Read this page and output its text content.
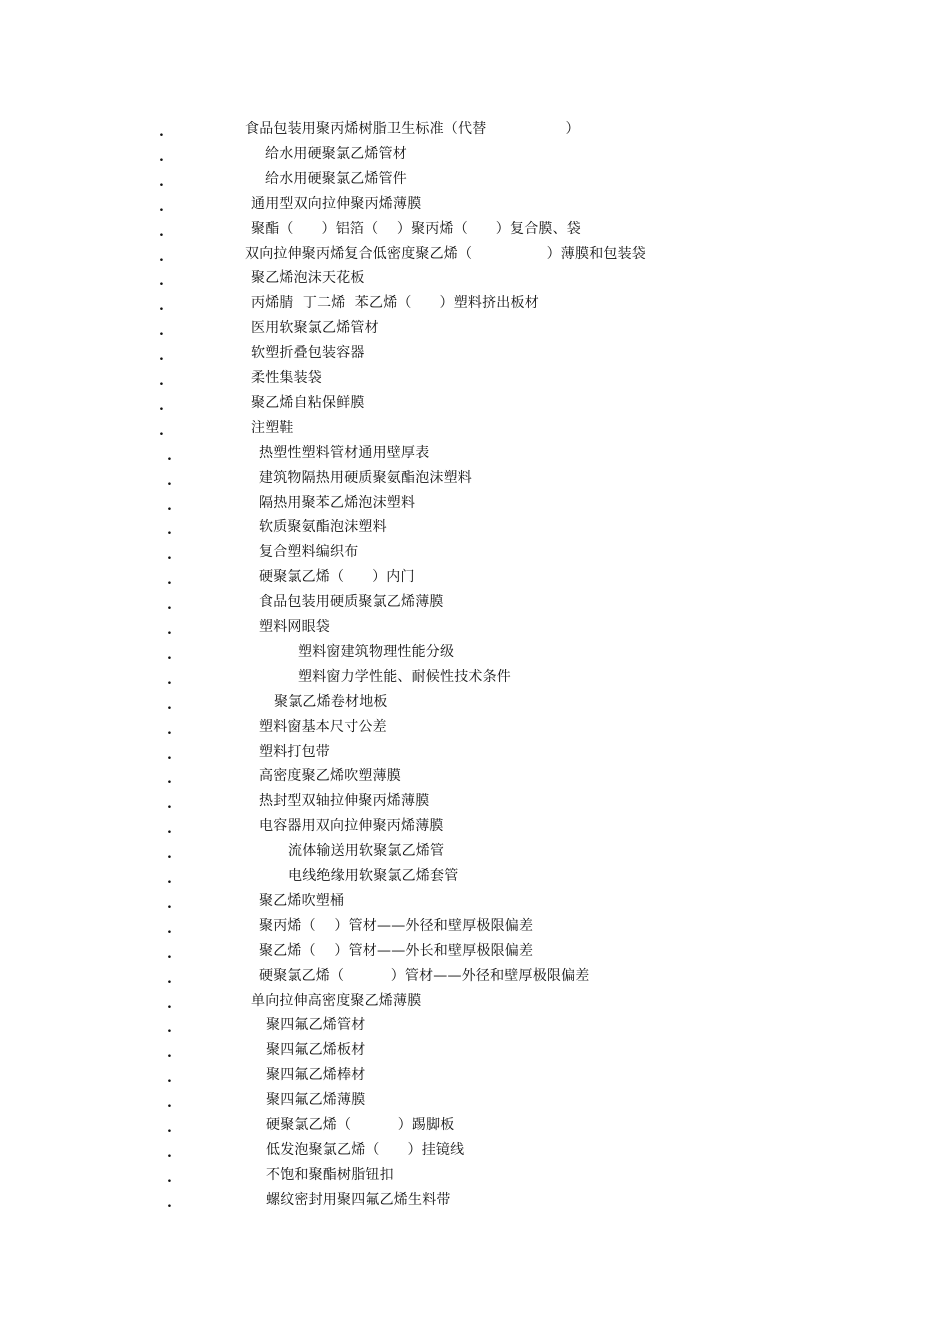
.	食品包装用聚丙烯树脂卫生标准（代替                 ）
.	给水用硬聚氯乙烯管材
.	给水用硬聚氯乙烯管件
.	通用型双向拉伸聚丙烯薄膜
.	聚酯（      ）铝箔（    ）聚丙烯（      ）复合膜、袋
.	双向拉伸聚丙烯复合低密度聚乙烯（                ）薄膜和包装袋
.	聚乙烯泡沫天花板
.	丙烯腈  丁二烯  苯乙烯（      ）塑料挤出板材
.	医用软聚氯乙烯管材
.	软塑折叠包装容器
.	柔性集装袋
.	聚乙烯自粘保鲜膜
.	注塑鞋
.	热塑性塑料管材通用壁厚表
.	建筑物隔热用硬质聚氨酯泡沫塑料
.	隔热用聚苯乙烯泡沫塑料
.	软质聚氨酯泡沫塑料
.	复合塑料编织布
.	硬聚氯乙烯（      ）内门
.	食品包装用硬质聚氯乙烯薄膜
.	塑料网眼袋
.	塑料窗建筑物理性能分级
.	塑料窗力学性能、耐候性技术条件
.	聚氯乙烯卷材地板
.	塑料窗基本尺寸公差
.	塑料打包带
.	高密度聚乙烯吹塑薄膜
.	热封型双轴拉伸聚丙烯薄膜
.	电容器用双向拉伸聚丙烯薄膜
.	流体输送用软聚氯乙烯管
.	电线绝缘用软聚氯乙烯套管
.	聚乙烯吹塑桶
.	聚丙烯（    ）管材——外径和壁厚极限偏差
.	聚乙烯（    ）管材——外长和壁厚极限偏差
.	硬聚氯乙烯（          ）管材——外径和壁厚极限偏差
.	单向拉伸高密度聚乙烯薄膜
.	聚四氟乙烯管材
.	聚四氟乙烯板材
.	聚四氟乙烯棒材
.	聚四氟乙烯薄膜
.	硬聚氯乙烯（          ）踢脚板
.	低发泡聚氯乙烯（      ）挂镜线
.	不饱和聚酯树脂钮扣
.	螺纹密封用聚四氟乙烯生料带
